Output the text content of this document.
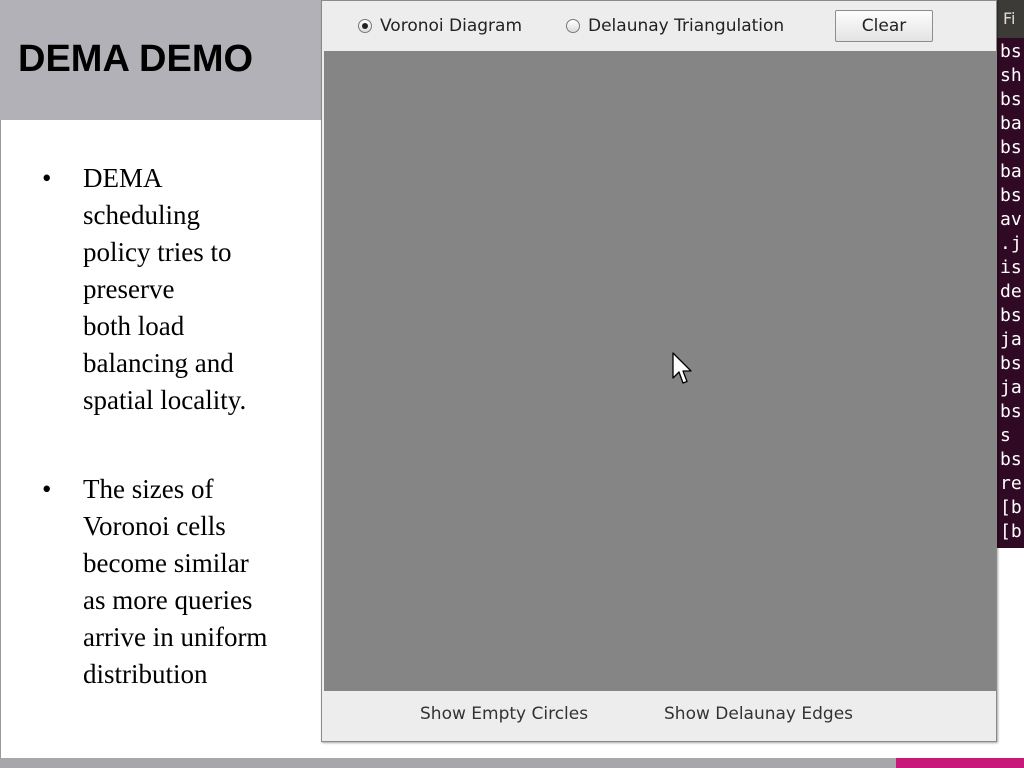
DEMA DEMO
• DEMA
scheduling
policy tries to
preserve
both load
balancing and
spatial locality.
• The sizes of
Voronoi cells
become similar
as more queries
arrive in uniform
distribution
Fi
bs
sh
bs
ba
bs
ba
bs
av
.j
is
de
bs
ja
bs
ja
bs
s
bs
re
[b
[b
Voronoi Diagram	Delaunay Triangulation	Clear
Show Empty Circles	Show Delaunay Edges
